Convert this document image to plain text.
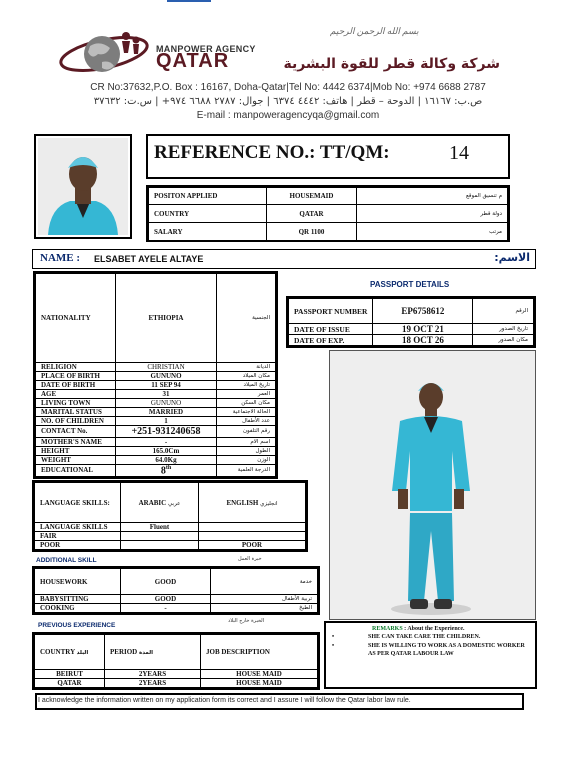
بسم الله الرحمن الرحيم
MANPOWER AGENCY
QATAR	شركة وكالة قطر للقوة البشرية
CR No:37632,P.O. Box : 16167, Doha-Qatar|Tel No: 4442 6374|Mob No: +974 6688 2787
ص.ب: ١٦١٦٧ | الدوحة – قطر | هاتف: ٤٤٤٢ ٦٣٧٤ | جوال: ٢٧٨٧ ٦٦٨٨ ٩٧٤+ | س.ت: ٣٧٦٣٢
E-mail : manpoweragencyqa@gmail.com
REFERENCE NO.: TT/QM:	14
POSITON APPLIED	HOUSEMAID	م تنسيق الموقع
COUNTRY	QATAR	دولة قطر
SALARY	QR 1100	مرتب
NAME : ELSABET AYELE ALTAYE	الاسم:
NATIONALITY	ETHIOPIA	الجنسية
RELIGION	CHRISTIAN	الديانة
PLACE OF BIRTH	GUNUNO	مكان الميلاد
DATE OF BIRTH	11 SEP 94	تاريخ الميلاد
AGE	31	العمر
LIVING TOWN	GUNUNO	مكان السكن
MARITAL STATUS	MARRIED	الحالة الاجتماعية
NO. OF CHILDREN	1	عدد الأطفال
CONTACT No.	+251-931240658	رقم التلفون
MOTHER'S NAME	-	اسم الام
HEIGHT	165.0Cm	الطول
WEIGHT	64.0Kg	الوزن
EDUCATIONAL	8th	الدرجة العلمية
PASSPORT DETAILS
PASSPORT NUMBER	EP6758612	الرقم
DATE OF ISSUE	19 OCT 21	تاريخ الصدور
DATE OF EXP.	18 OCT 26	مكان الصدور
LANGUAGE SKILLS:	ARABIC عربي	ENGLISH انجليزي
LANGUAGE SKILLS	Fluent	
FAIR		
POOR		POOR
ADDITIONAL SKILL	خبرة العمل
HOUSEWORK	GOOD	خدمة
BABYSITTING	GOOD	تربية الأطفال
COOKING	-	الطبخ
PREVIOUS EXPERIENCE
الخبرة خارج البلاد
COUNTRY البلد	PERIOD المدة	JOB DESCRIPTION
BEIRUT	2YEARS	HOUSE MAID
QATAR	2YEARS	HOUSE MAID
REMARKS : About the Experience.
• SHE CAN TAKE CARE THE CHILDREN.
• SHE IS WILLING TO WORK AS A DOMESTIC WORKER AS PER QATAR LABOUR LAW
I acknowledge the information written on my application form its correct and I assure I will follow the Qatar labor law rule.
